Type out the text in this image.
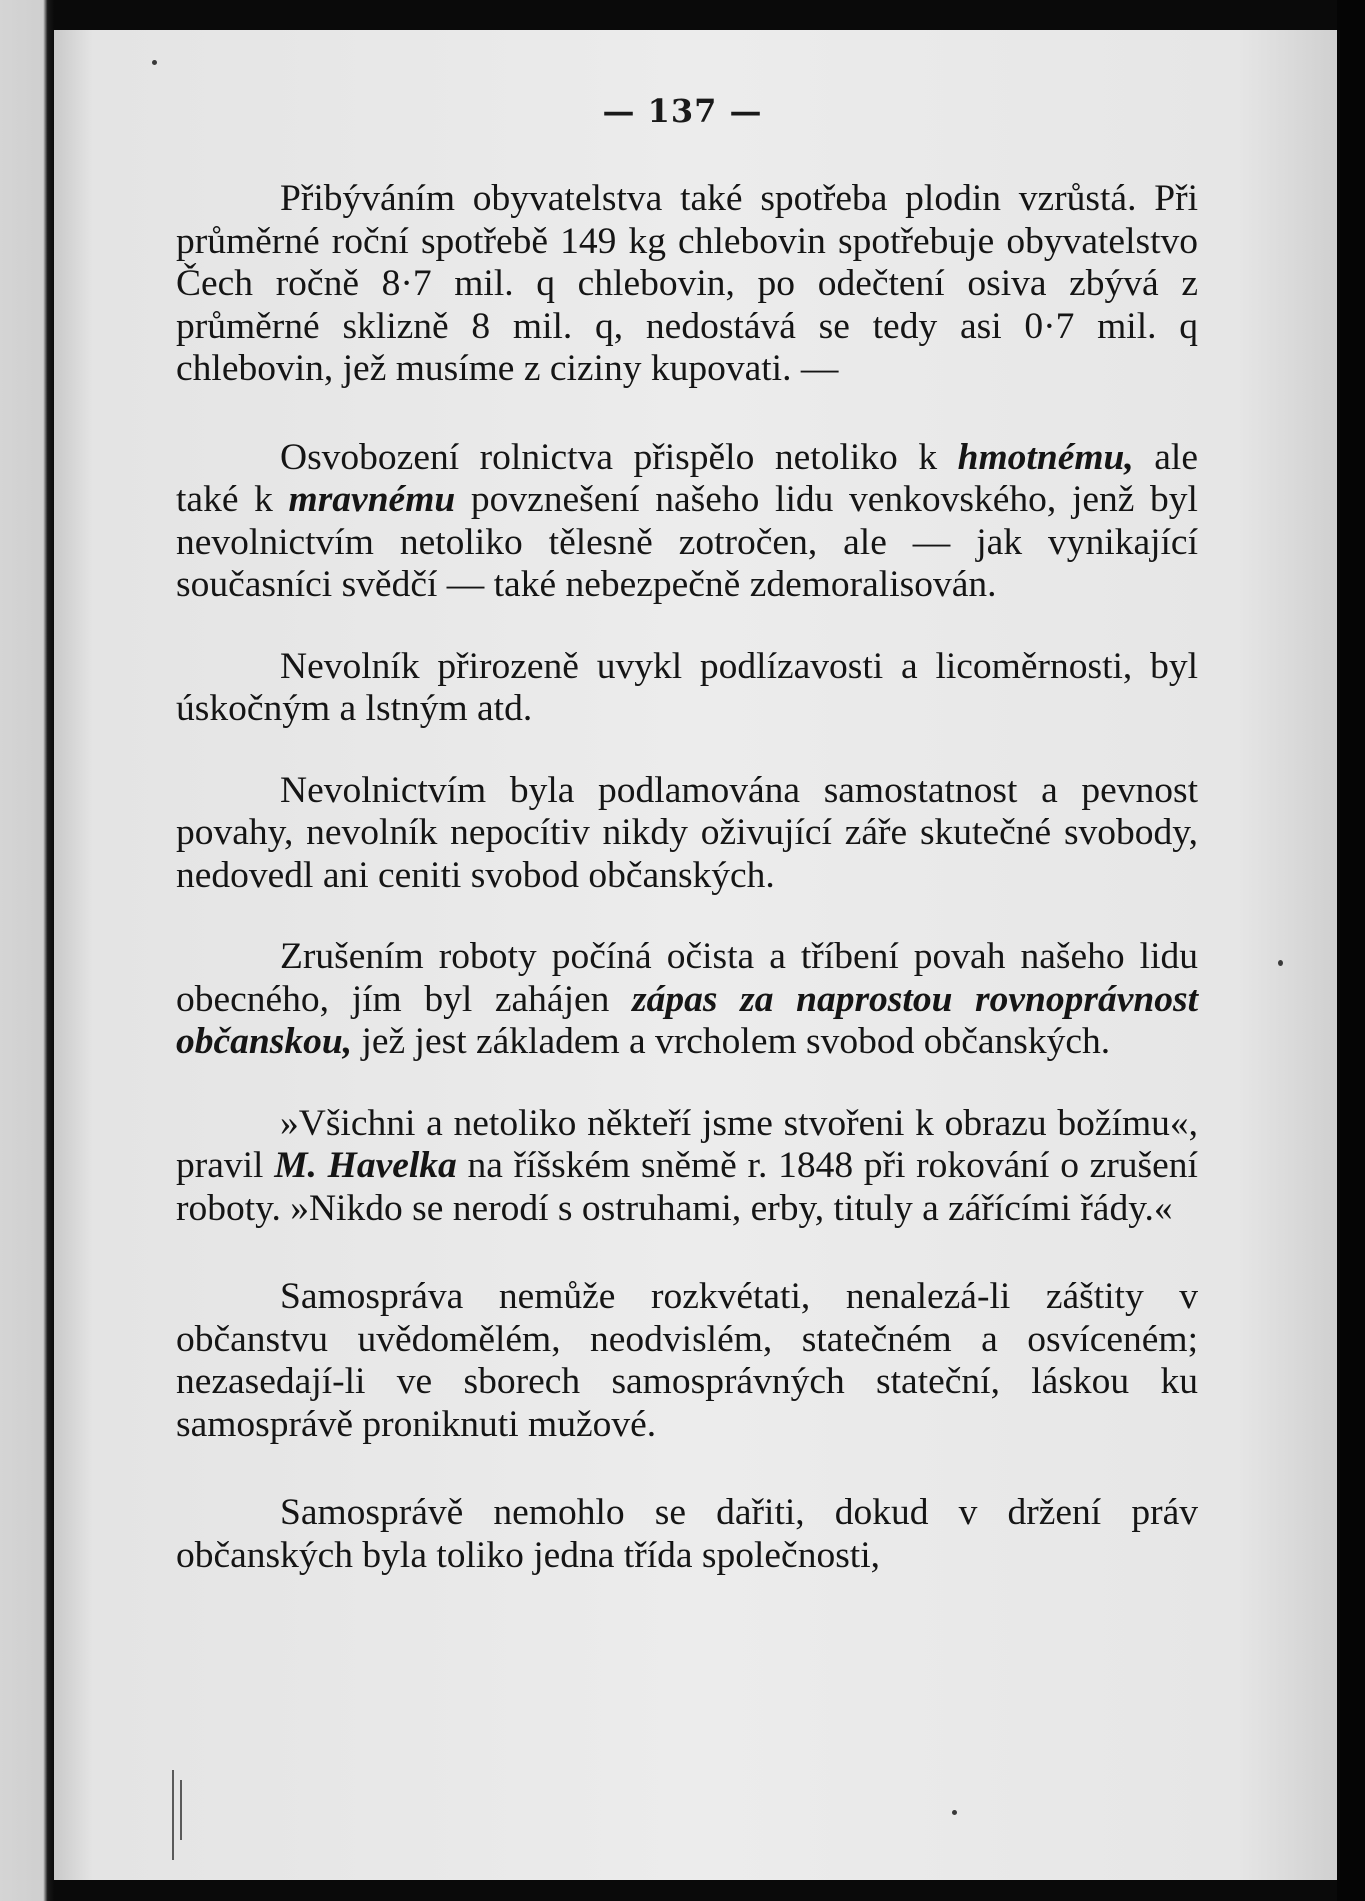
— 137 —

Přibýváním obyvatelstva také spotřeba plodin vzrůstá. Při průměrné roční spotřebě 149 kg chlebovin spotřebuje obyvatelstvo Čech ročně 8·7 mil. q chlebovin, po odečtení osiva zbývá z průměrné sklizně 8 mil. q, nedostává se tedy asi 0·7 mil. q chlebovin, jež musíme z ciziny kupovati. —

Osvobození rolnictva přispělo netoliko k hmotnému, ale také k mravnému povznešení našeho lidu venkovského, jenž byl nevolnictvím netoliko tělesně zotročen, ale — jak vynikající současníci svědčí — také nebezpečně zdemoralisován.

Nevolník přirozeně uvykl podlízavosti a licoměrnosti, byl úskočným a lstným atd.

Nevolnictvím byla podlamována samostatnost a pevnost povahy, nevolník nepocítiv nikdy oživující záře skutečné svobody, nedovedl ani ceniti svobod občanských.

Zrušením roboty počíná očista a tříbení povah našeho lidu obecného, jím byl zahájen zápas za naprostou rovnoprávnost občanskou, jež jest základem a vrcholem svobod občanských.

»Všichni a netoliko někteří jsme stvořeni k obrazu božímu«, pravil M. Havelka na říšském sněmě r. 1848 při rokování o zrušení roboty. »Nikdo se nerodí s ostruhami, erby, tituly a zářícími řády.«

Samospráva nemůže rozkvétati, nenalezá-li záštity v občanstvu uvědomělém, neodvislém, statečném a osvíceném; nezasedají-li ve sborech samosprávných stateční, láskou ku samosprávě proniknuti mužové.

Samosprávě nemohlo se dařiti, dokud v držení práv občanských byla toliko jedna třída společnosti,
